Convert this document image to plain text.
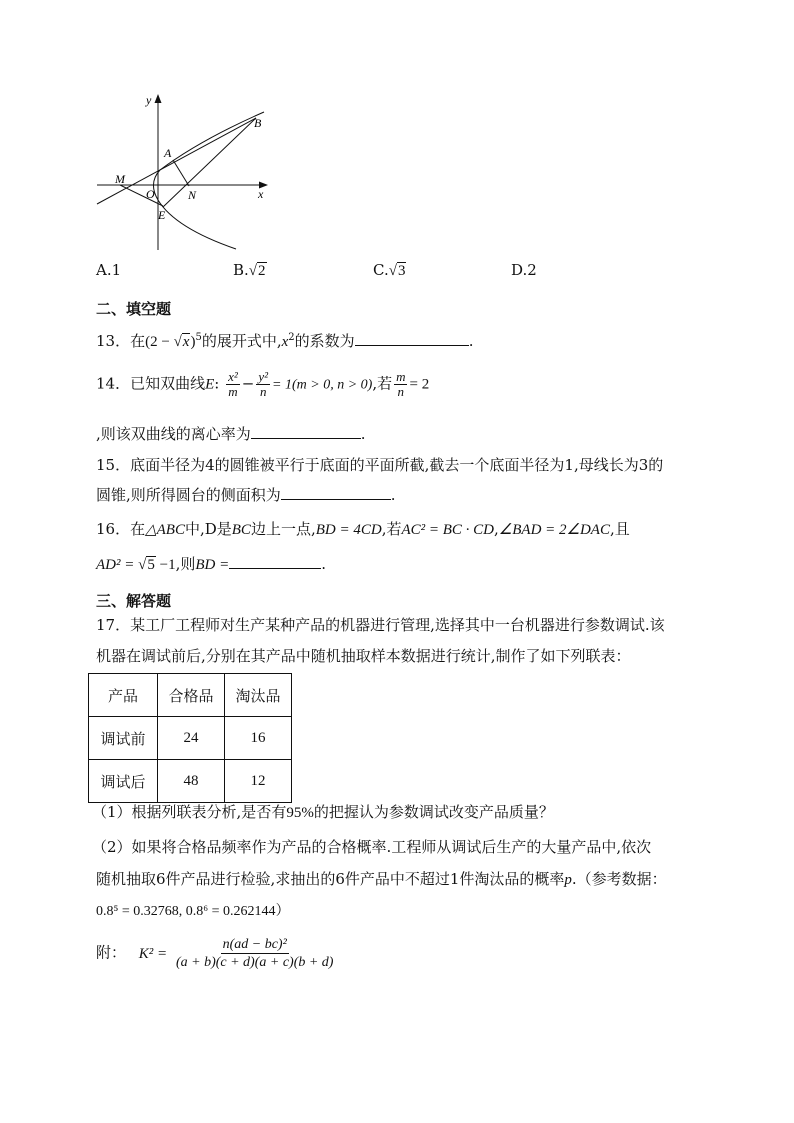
y
x
B
A
M
O	N
E
A.1	B.√2	C.√3	D.2
二、填空题
13．在$(2 - √x)^5$的展开式中$,x^2$的系数为	.
14．已知双曲线E: $\frac{\text{x²}}{m} - \frac{\text{y²}}{n} = 1(m > 0$, n > 0),若 $\frac{m}{n} = 2$
,则该双曲线的离心率为	.
15．底面半径为4的圆锥被平行于底面的平面所截,截去一个底面半径为1,母线长为3的
圆锥,则所得圆台的侧面积为	.
16．在△ABC中,D是BC边上一点,BD = 4CD,若AC² = BC · CD,∠BAD = 2∠DAC,且
AD² = √5 −1,则BD =	.
三、解答题
17．某工厂工程师对生产某种产品的机器进行管理,选择其中一台机器进行参数调试.该
机器在调试前后,分别在其产品中随机抽取样本数据进行统计,制作了如下列联表：
产品	合格品	淘汰品
调试前	24	16
调试后	48	12
（1）根据列联表分析,是否有95%的把握认为参数调试改变产品质量？
（2）如果将合格品频率作为产品的合格概率.工程师从调试后生产的大量产品中,依次
随机抽取6件产品进行检验,求抽出的6件产品中不超过1件淘汰品的概率p.（参考数据：
0.8⁵ = 0.32768, 0.8⁶ = 0.262144）
附： $K^2 = \frac{\text{n(ad − bc)²}}{(a + b)(c + d)(a + c)(b + d)}$
